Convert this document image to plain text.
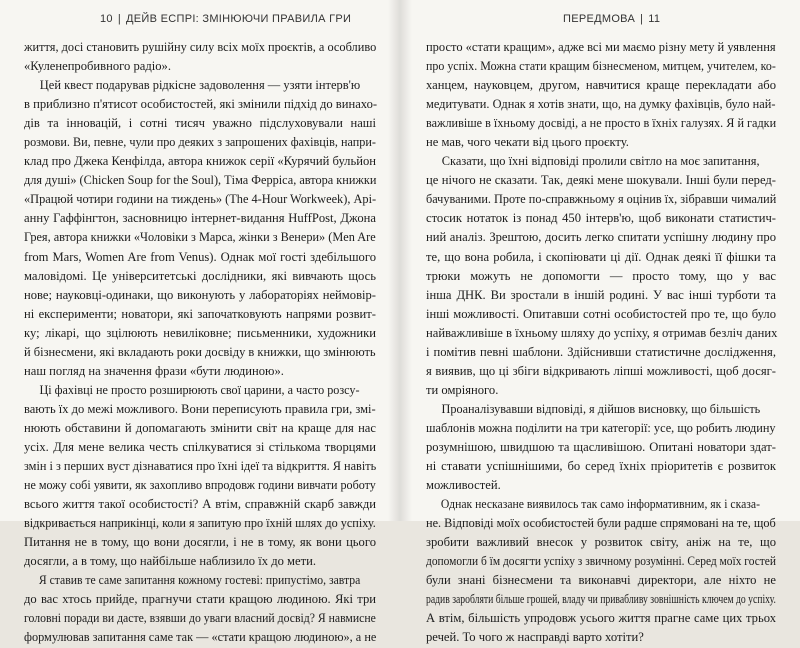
10 | ДЕЙВ ЕСПРІ: ЗМІНЮЮЧИ ПРАВИЛА ГРИ
життя, досі становить рушійну силу всіх моїх проєктів, а особливо
«Куленепробивного радіо».
Цей квест подарував рідкісне задоволення — узяти інтерв'ю
в приблизно п'ятисот особистостей, які змінили підхід до винахо-
дів та інновацій, і сотні тисяч уважно підслуховували наші
розмови. Ви, певне, чули про деяких з запрошених фахівців, напри-
клад про Джека Кенфілда, автора книжок серії «Курячий бульйон
для душі» (Chicken Soup for the Soul), Тіма Ферріса, автора книжки
«Працюй чотири години на тиждень» (The 4-Hour Workweek), Арі-
анну Гаффінгтон, засновницю інтернет-видання HuffPost, Джона
Грея, автора книжки «Чоловіки з Марса, жінки з Венери» (Men Are
from Mars, Women Are from Venus). Однак мої гості здебільшого
маловідомі. Це університетські дослідники, які вивчають щось
нове; науковці-одинаки, що виконують у лабораторіях неймовір-
ні експерименти; новатори, які започатковують напрями розвит-
ку; лікарі, що зцілюють невиліковне; письменники, художники
й бізнесмени, які вкладають роки досвіду в книжки, що змінюють
наш погляд на значення фрази «бути людиною».
Ці фахівці не просто розширюють свої царини, а часто розсу-
вають їх до межі можливого. Вони переписують правила гри, змі-
нюють обставини й допомагають змінити світ на краще для нас
усіх. Для мене велика честь спілкуватися зі стількома творцями
змін і з перших вуст дізнаватися про їхні ідеї та відкриття. Я навіть
не можу собі уявити, як захопливо впродовж години вивчати роботу
всього життя такої особистості? А втім, справжній скарб завжди
відкривається наприкінці, коли я запитую про їхній шлях до успіху.
Питання не в тому, що вони досягли, і не в тому, як вони цього
досягли, а в тому, що найбільше наблизило їх до мети.
Я ставив те саме запитання кожному гостеві: припустімо, завтра
до вас хтось прийде, прагнучи стати кращою людиною. Які три
головні поради ви дасте, взявши до уваги власний досвід? Я навмисне
формулював запитання саме так — «стати кращою людиною», а не
ПЕРЕДМОВА | 11
просто «стати кращим», адже всі ми маємо різну мету й уявлення
про успіх. Можна стати кращим бізнесменом, митцем, учителем, ко-
ханцем, науковцем, другом, навчитися краще перекладати або
медитувати. Однак я хотів знати, що, на думку фахівців, було най-
важливіше в їхньому досвіді, а не просто в їхніх галузях. Я й гадки
не мав, чого чекати від цього проєкту.
Сказати, що їхні відповіді пролили світло на моє запитання,
це нічого не сказати. Так, деякі мене шокували. Інші були перед-
бачуваними. Проте по-справжньому я оцінив їх, зібравши чималий
стосик нотаток із понад 450 інтерв'ю, щоб виконати статистич-
ний аналіз. Зрештою, досить легко спитати успішну людину про
те, що вона робила, і скопіювати ці дії. Однак деякі її фішки та
трюки можуть не допомогти — просто тому, що у вас
інша ДНК. Ви зростали в іншій родині. У вас інші турботи та
інші можливості. Опитавши сотні особистостей про те, що було
найважливіше в їхньому шляху до успіху, я отримав безліч даних
і помітив певні шаблони. Здійснивши статистичне дослідження,
я виявив, що ці збіги відкривають ліпші можливості, щоб досяг-
ти омріяного.
Проаналізувавши відповіді, я дійшов висновку, що більшість
шаблонів можна поділити на три категорії: усе, що робить людину
розумнішою, швидшою та щасливішою. Опитані новатори здат-
ні ставати успішнішими, бо серед їхніх пріоритетів є розвиток
можливостей.
Однак несказане виявилось так само інформативним, як і сказа-
не. Відповіді моїх особистостей були радше спрямовані на те, щоб
зробити важливий внесок у розвиток світу, аніж на те, що
допомогли б їм досягти успіху з звичному розумінні. Серед моїх гостей
були знані бізнесмени та виконавчі директори, але ніхто не
радив заробляти більше грошей, владу чи привабливу зовнішність ключем до успіху.
А втім, більшість упродовж усього життя прагне саме цих трьох
речей. То чого ж насправді варто хотіти?
